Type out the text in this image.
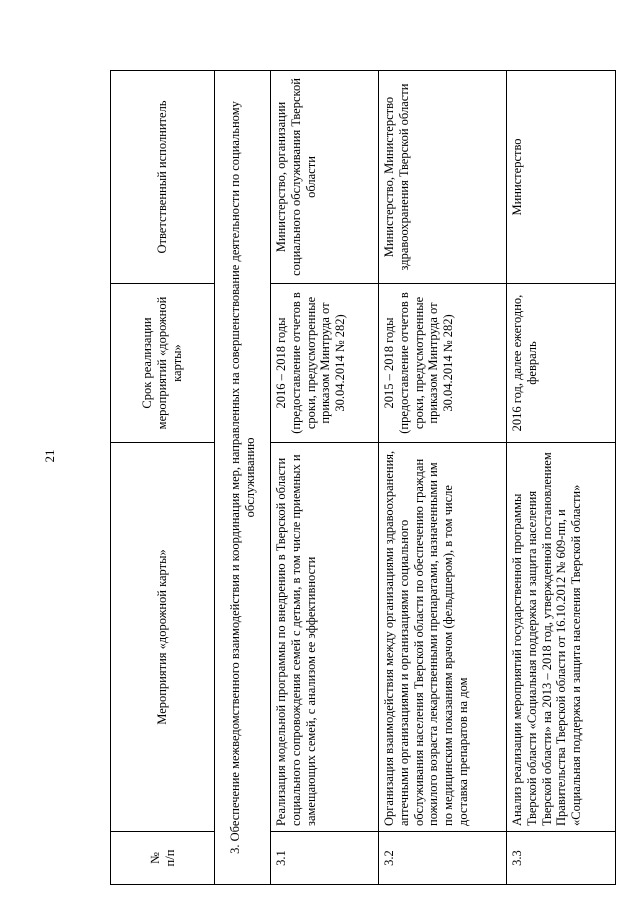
21
№
п/п	Мероприятия «дорожной карты»	Срок реализации мероприятий «дорожной карты»	Ответственный исполнитель
3. Обеспечение межведомственного взаимодействия и координация мер, направленных на совершенствование деятельности по социальному обслуживанию			
3.1	Реализация модельной программы по внедрению в Тверской области социального сопровождения семей с детьми, в том числе приемных и замещающих семей, с анализом ее эффективности	2016 – 2018 годы (предоставление отчетов в сроки, предусмотренные приказом Минтруда от 30.04.2014 № 282)	Министерство, организации социального обслуживания Тверской области
3.2	Организация взаимодействия между организациями здравоохранения, аптечными организациями и организациями социального обслуживания населения Тверской области по обеспечению граждан пожилого возраста лекарственными препаратами, назначенными им по медицинским показаниям врачом (фельдшером), в том числе доставка препаратов на дом	2015 – 2018 годы (предоставление отчетов в сроки, предусмотренные приказом Минтруда от 30.04.2014 № 282)	Министерство, Министерство здравоохранения Тверской области
3.3	Анализ реализации мероприятий государственной программы Тверской области «Социальная поддержка и защита населения Тверской области» на 2013 – 2018 год, утвержденной постановлением Правительства Тверской области от 16.10.2012 № 609-пп, и «Социальная поддержка и защита населения Тверской области»	2016 год, далее ежегодно, февраль	Министерство
